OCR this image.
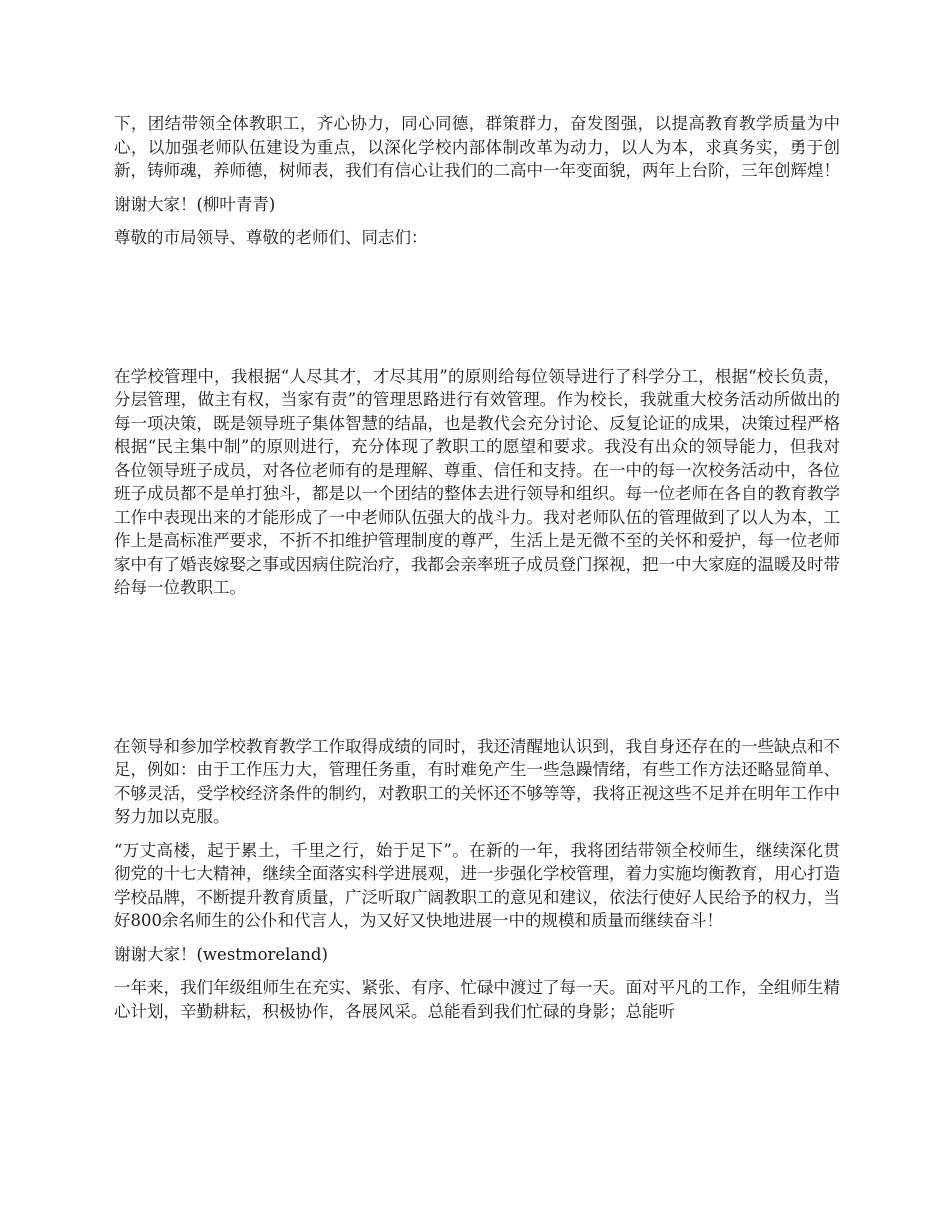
下，团结带领全体教职工，齐心协力，同心同德，群策群力，奋发图强，以提高教育教学质量为中心，以加强老师队伍建设为重点，以深化学校内部体制改革为动力，以人为本，求真务实，勇于创新，铸师魂，养师德，树师表，我们有信心让我们的二高中一年变面貌，两年上台阶，三年创辉煌！

谢谢大家！(柳叶青青)

尊敬的市局领导、尊敬的老师们、同志们：

在学校管理中，我根据“人尽其才，才尽其用”的原则给每位领导进行了科学分工，根据“校长负责，分层管理，做主有权，当家有责”的管理思路进行有效管理。作为校长，我就重大校务活动所做出的每一项决策，既是领导班子集体智慧的结晶，也是教代会充分讨论、反复论证的成果，决策过程严格根据“民主集中制”的原则进行，充分体现了教职工的愿望和要求。我没有出众的领导能力，但我对各位领导班子成员，对各位老师有的是理解、尊重、信任和支持。在一中的每一次校务活动中，各位班子成员都不是单打独斗，都是以一个团结的整体去进行领导和组织。每一位老师在各自的教育教学工作中表现出来的才能形成了一中老师队伍强大的战斗力。我对老师队伍的管理做到了以人为本，工作上是高标准严要求，不折不扣维护管理制度的尊严，生活上是无微不至的关怀和爱护，每一位老师家中有了婚丧嫁娶之事或因病住院治疗，我都会亲率班子成员登门探视，把一中大家庭的温暖及时带给每一位教职工。

在领导和参加学校教育教学工作取得成绩的同时，我还清醒地认识到，我自身还存在的一些缺点和不足，例如：由于工作压力大，管理任务重，有时难免产生一些急躁情绪，有些工作方法还略显简单、不够灵活，受学校经济条件的制约，对教职工的关怀还不够等等，我将正视这些不足并在明年工作中努力加以克服。

“万丈高楼，起于累土，千里之行，始于足下”。在新的一年，我将团结带领全校师生，继续深化贯彻党的十七大精神，继续全面落实科学进展观，进一步强化学校管理，着力实施均衡教育，用心打造学校品牌，不断提升教育质量，广泛听取广阔教职工的意见和建议，依法行使好人民给予的权力，当好800余名师生的公仆和代言人，为又好又快地进展一中的规模和质量而继续奋斗！

谢谢大家！(westmoreland)

一年来，我们年级组师生在充实、紧张、有序、忙碌中渡过了每一天。面对平凡的工作，全组师生精心计划，辛勤耕耘，积极协作，各展风采。总能看到我们忙碌的身影；总能听
